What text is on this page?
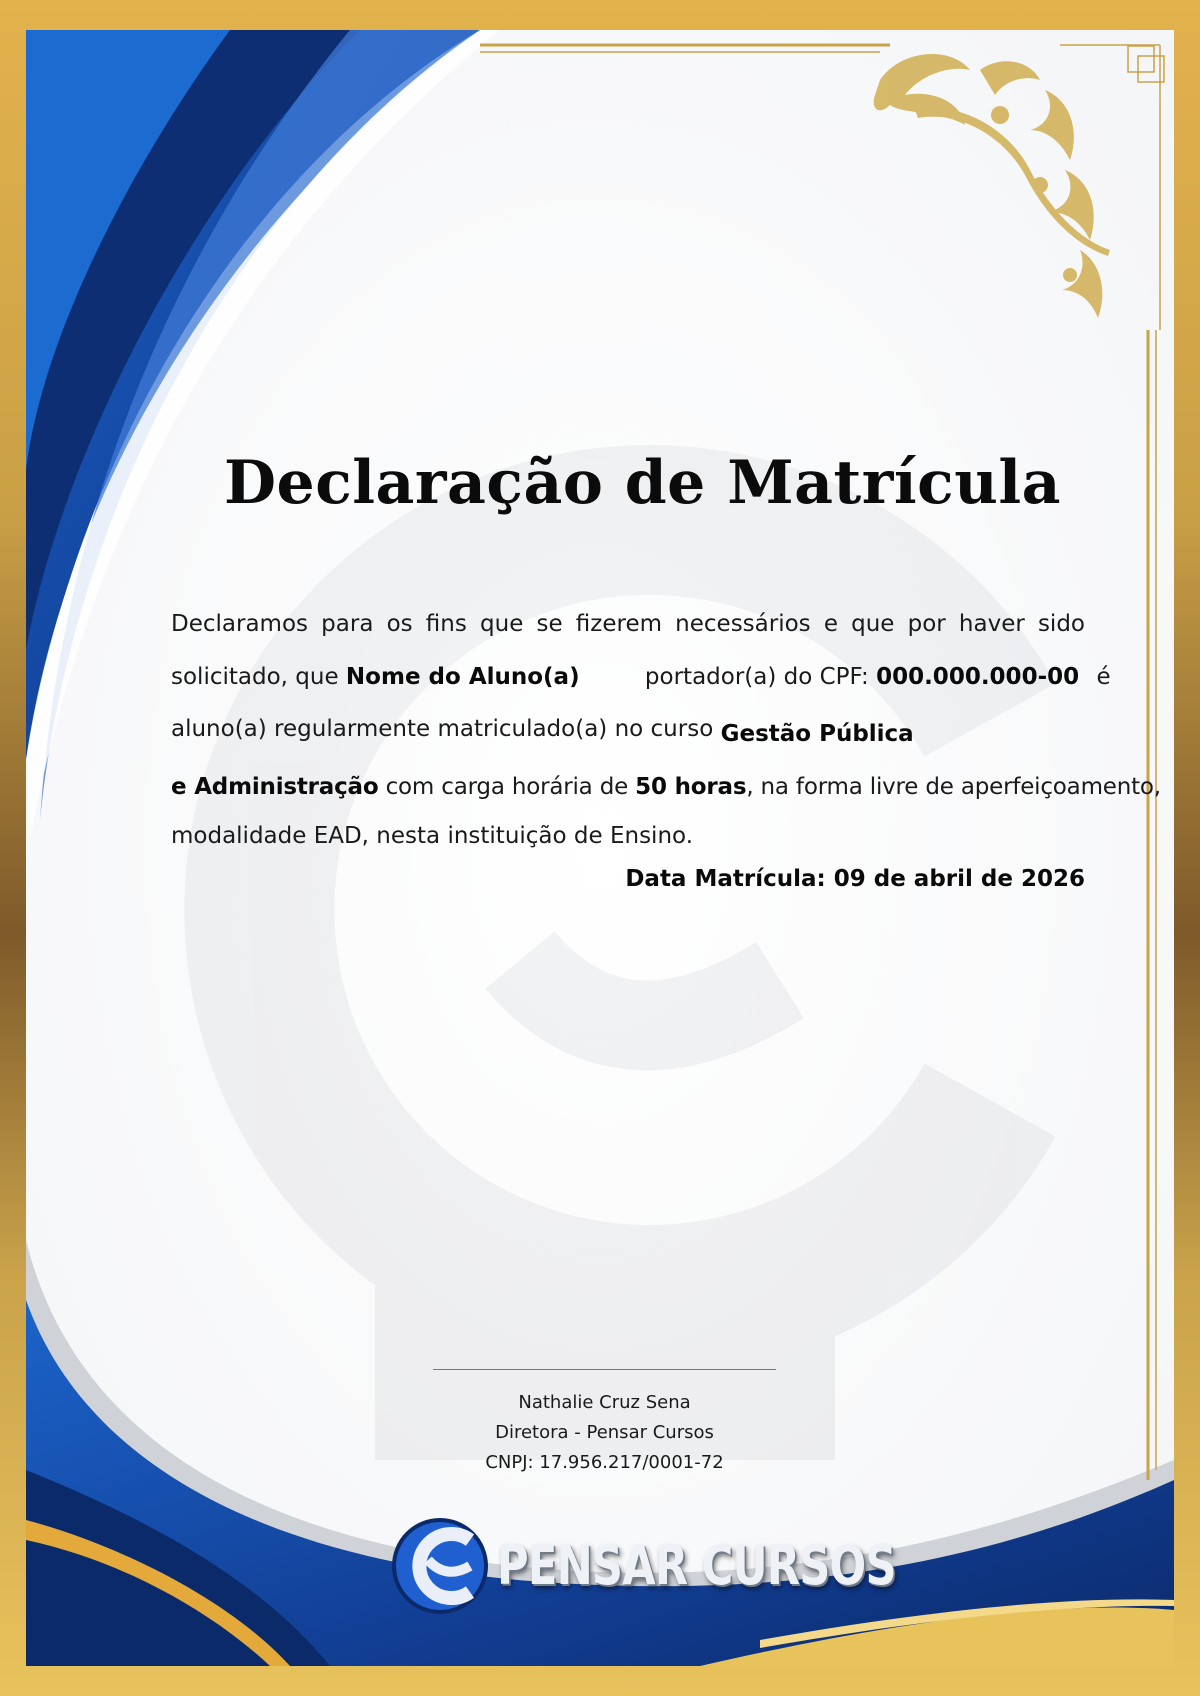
Declaração de Matrícula
Declaramos para os fins que se fizerem necessários e que por haver sido
solicitado, que Nome do Aluno(a)	portador(a) do CPF: 000.000.000-00 é
aluno(a) regularmente matriculado(a) no curso Gestão Pública
e Administração com carga horária de 50 horas, na forma livre de aperfeiçoamento,
modalidade EAD, nesta instituição de Ensino.
Data Matrícula: 09 de abril de 2026
Nathalie Cruz Sena
Diretora - Pensar Cursos
CNPJ: 17.956.217/0001-72
PENSAR CURSOS
